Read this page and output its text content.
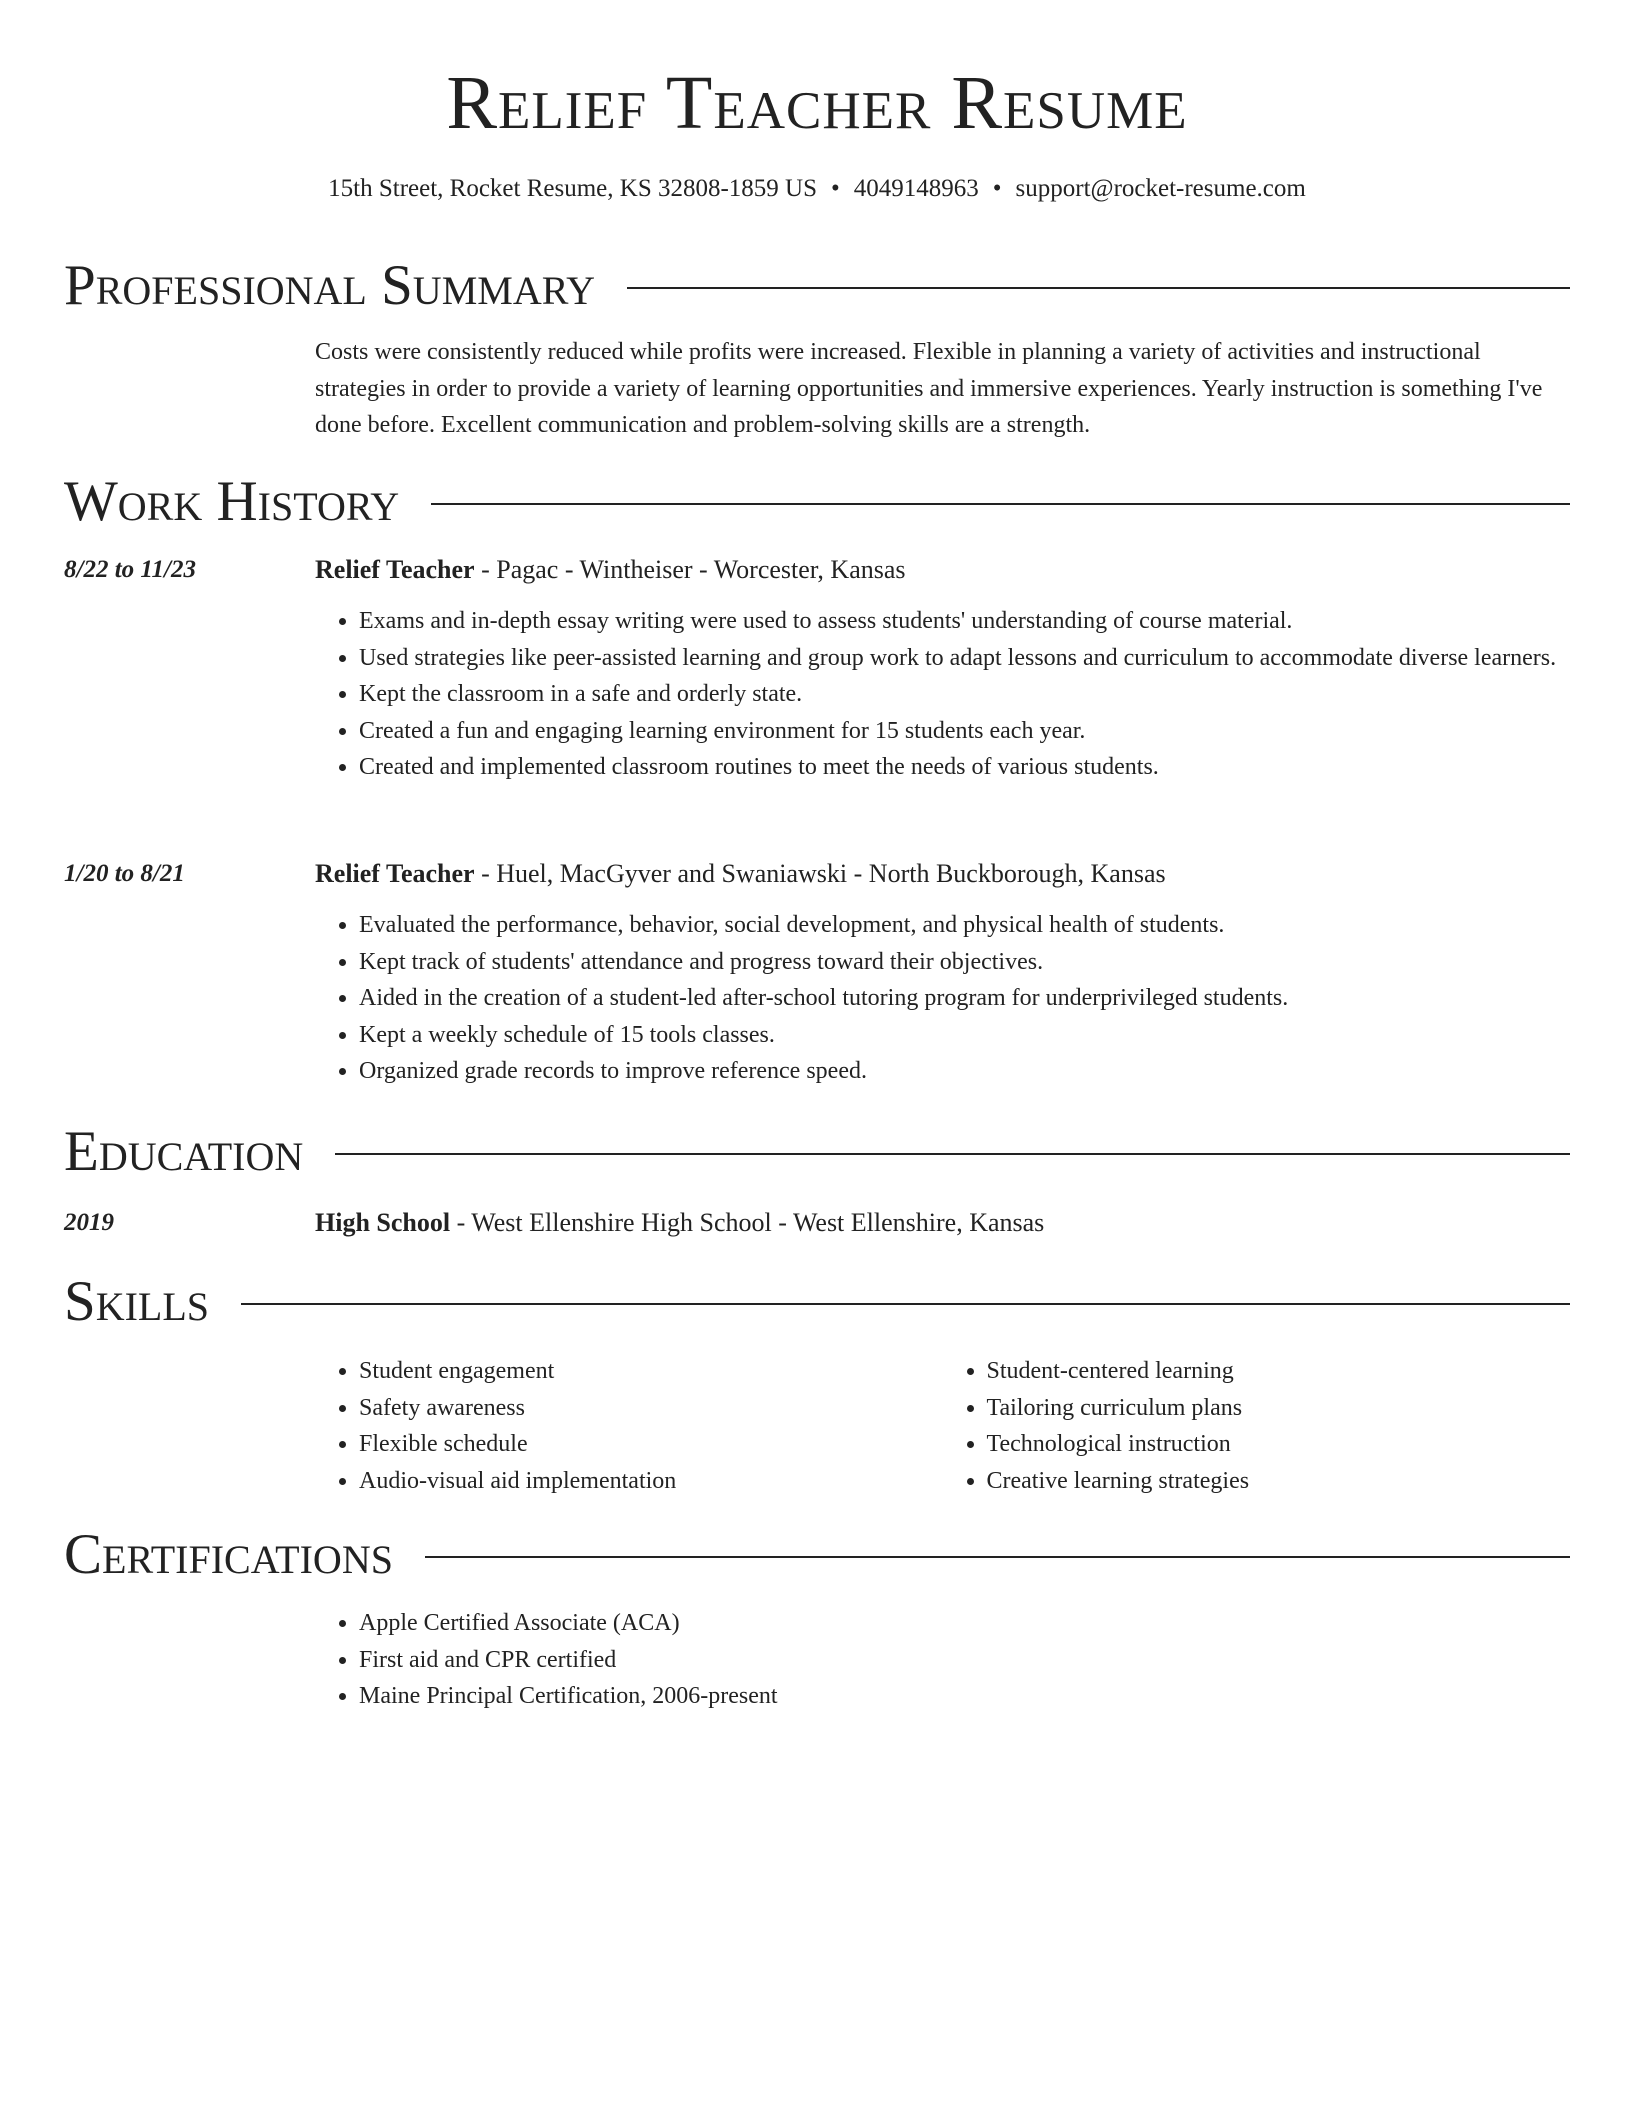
Relief Teacher Resume
15th Street, Rocket Resume, KS 32808-1859 US • 4049148963 • support@rocket-resume.com
Professional Summary

Costs were consistently reduced while profits were increased. Flexible in planning a variety of activities and instructional strategies in order to provide a variety of learning opportunities and immersive experiences. Yearly instruction is something I've done before. Excellent communication and problem-solving skills are a strength.

Work History
8/22 to 11/23	Relief Teacher - Pagac - Wintheiser - Worcester, Kansas
• Exams and in-depth essay writing were used to assess students' understanding of course material.
• Used strategies like peer-assisted learning and group work to adapt lessons and curriculum to accommodate diverse learners.
• Kept the classroom in a safe and orderly state.
• Created a fun and engaging learning environment for 15 students each year.
• Created and implemented classroom routines to meet the needs of various students.
1/20 to 8/21	Relief Teacher - Huel, MacGyver and Swaniawski - North Buckborough, Kansas
• Evaluated the performance, behavior, social development, and physical health of students.
• Kept track of students' attendance and progress toward their objectives.
• Aided in the creation of a student-led after-school tutoring program for underprivileged students.
• Kept a weekly schedule of 15 tools classes.
• Organized grade records to improve reference speed.
Education
2019	High School - West Ellenshire High School - West Ellenshire, Kansas
Skills
• Student engagement
• Safety awareness
• Flexible schedule
• Audio-visual aid implementation
• Student-centered learning
• Tailoring curriculum plans
• Technological instruction
• Creative learning strategies
Certifications
• Apple Certified Associate (ACA)
• First aid and CPR certified
• Maine Principal Certification, 2006-present
